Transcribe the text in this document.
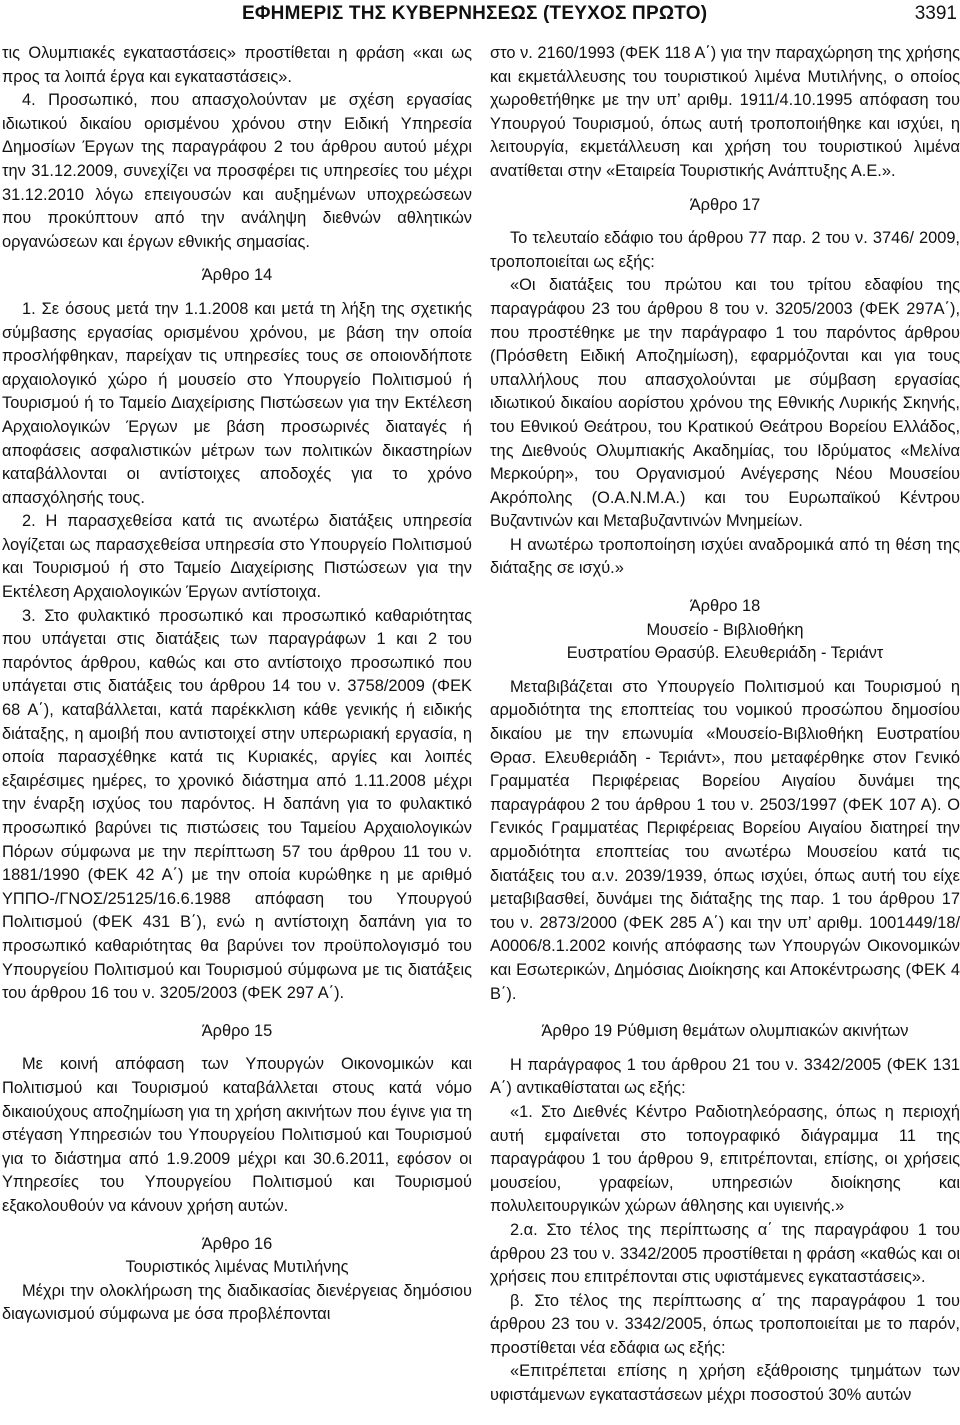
ΕΦΗΜΕΡΙΣ ΤΗΣ ΚΥΒΕΡΝΗΣΕΩΣ (ΤΕΥΧΟΣ ΠΡΩΤΟ)	3391

τις Ολυμπιακές εγκαταστάσεις» προστίθεται η φράση «και ως προς τα λοιπά έργα και εγκαταστάσεις».

4. Προσωπικό, που απασχολούνταν με σχέση εργασίας ιδιωτικού δικαίου ορισμένου χρόνου στην Ειδική Υπηρεσία Δημοσίων Έργων της παραγράφου 2 του άρθρου αυτού μέχρι την 31.12.2009, συνεχίζει να προσφέρει τις υπηρεσίες του μέχρι 31.12.2010 λόγω επειγουσών και αυξημένων υποχρεώσεων που προκύπτουν από την ανάληψη διεθνών αθλητικών οργανώσεων και έργων εθνικής σημασίας.

Άρθρο 14

1. Σε όσους μετά την 1.1.2008 και μετά τη λήξη της σχετικής σύμβασης εργασίας ορισμένου χρόνου, με βάση την οποία προσλήφθηκαν, παρείχαν τις υπηρεσίες τους σε οποιονδήποτε αρχαιολογικό χώρο ή μουσείο στο Υπουργείο Πολιτισμού ή Τουρισμού ή το Ταμείο Διαχείρισης Πιστώσεων για την Εκτέλεση Αρχαιολογικών Έργων με βάση προσωρινές διαταγές ή αποφάσεις ασφαλιστικών μέτρων των πολιτικών δικαστηρίων καταβάλλονται οι αντίστοιχες αποδοχές για το χρόνο απασχόλησής τους.

2. Η παρασχεθείσα κατά τις ανωτέρω διατάξεις υπηρεσία λογίζεται ως παρασχεθείσα υπηρεσία στο Υπουργείο Πολιτισμού και Τουρισμού ή στο Ταμείο Διαχείρισης Πιστώσεων για την Εκτέλεση Αρχαιολογικών Έργων αντίστοιχα.

3. Στο φυλακτικό προσωπικό και προσωπικό καθαριότητας που υπάγεται στις διατάξεις των παραγράφων 1 και 2 του παρόντος άρθρου, καθώς και στο αντίστοιχο προσωπικό που υπάγεται στις διατάξεις του άρθρου 14 του ν. 3758/2009 (ΦΕΚ 68 Α΄), καταβάλλεται, κατά παρέκκλιση κάθε γενικής ή ειδικής διάταξης, η αμοιβή που αντιστοιχεί στην υπερωριακή εργασία, η οποία παρασχέθηκε κατά τις Κυριακές, αργίες και λοιπές εξαιρέσιμες ημέρες, το χρονικό διάστημα από 1.11.2008 μέχρι την έναρξη ισχύος του παρόντος. Η δαπάνη για το φυλακτικό προσωπικό βαρύνει τις πιστώσεις του Ταμείου Αρχαιολογικών Πόρων σύμφωνα με την περίπτωση 57 του άρθρου 11 του ν. 1881/1990 (ΦΕΚ 42 Α΄) με την οποία κυρώθηκε η με αριθμό ΥΠΠΟ-/ΓΝΟΣ/25125/16.6.1988 απόφαση του Υπουργού Πολιτισμού (ΦΕΚ 431 Β΄), ενώ η αντίστοιχη δαπάνη για το προσωπικό καθαριότητας θα βαρύνει τον προϋπολογισμό του Υπουργείου Πολιτισμού και Τουρισμού σύμφωνα με τις διατάξεις του άρθρου 16 του ν. 3205/2003 (ΦΕΚ 297 Α΄).

Άρθρο 15

Με κοινή απόφαση των Υπουργών Οικονομικών και Πολιτισμού και Τουρισμού καταβάλλεται στους κατά νόμο δικαιούχους αποζημίωση για τη χρήση ακινήτων που έγινε για τη στέγαση Υπηρεσιών του Υπουργείου Πολιτισμού και Τουρισμού για το διάστημα από 1.9.2009 μέχρι και 30.6.2011, εφόσον οι Υπηρεσίες του Υπουργείου Πολιτισμού και Τουρισμού εξακολουθούν να κάνουν χρήση αυτών.

Άρθρο 16

Τουριστικός λιμένας Μυτιλήνης

Μέχρι την ολοκλήρωση της διαδικασίας διενέργειας δημόσιου διαγωνισμού σύμφωνα με όσα προβλέπονται

στο ν. 2160/1993 (ΦΕΚ 118 Α΄) για την παραχώρηση της χρήσης και εκμετάλλευσης του τουριστικού λιμένα Μυτιλήνης, ο οποίος χωροθετήθηκε με την υπ’ αριθμ. 1911/4.10.1995 απόφαση του Υπουργού Τουρισμού, όπως αυτή τροποποιήθηκε και ισχύει, η λειτουργία, εκμετάλλευση και χρήση του τουριστικού λιμένα ανατίθεται στην «Εταιρεία Τουριστικής Ανάπτυξης Α.Ε.».

Άρθρο 17

Το τελευταίο εδάφιο του άρθρου 77 παρ. 2 του ν. 3746/ 2009, τροποποιείται ως εξής:

«Οι διατάξεις του πρώτου και του τρίτου εδαφίου της παραγράφου 23 του άρθρου 8 του ν. 3205/2003 (ΦΕΚ 297Α΄), που προστέθηκε με την παράγραφο 1 του παρόντος άρθρου (Πρόσθετη Ειδική Αποζημίωση), εφαρμόζονται και για τους υπαλλήλους που απασχολούνται με σύμβαση εργασίας ιδιωτικού δικαίου αορίστου χρόνου της Εθνικής Λυρικής Σκηνής, του Εθνικού Θεάτρου, του Κρατικού Θεάτρου Βορείου Ελλάδος, της Διεθνούς Ολυμπιακής Ακαδημίας, του Ιδρύματος «Μελίνα Μερκούρη», του Οργανισμού Ανέγερσης Νέου Μουσείου Ακρόπολης (Ο.Α.Ν.Μ.Α.) και του Ευρωπαϊκού Κέντρου Βυζαντινών και Μεταβυζαντινών Μνημείων.

Η ανωτέρω τροποποίηση ισχύει αναδρομικά από τη θέση της διάταξης σε ισχύ.»

Άρθρο 18

Μουσείο - Βιβλιοθήκη

Ευστρατίου Θρασύβ. Ελευθεριάδη - Τεριάντ

Μεταβιβάζεται στο Υπουργείο Πολιτισμού και Τουρισμού η αρμοδιότητα της εποπτείας του νομικού προσώπου δημοσίου δικαίου με την επωνυμία «Μουσείο-Βιβλιοθήκη Ευστρατίου Θρασ. Ελευθεριάδη - Τεριάντ», που μεταφέρθηκε στον Γενικό Γραμματέα Περιφέρειας Βορείου Αιγαίου δυνάμει της παραγράφου 2 του άρθρου 1 του ν. 2503/1997 (ΦΕΚ 107 Α). Ο Γενικός Γραμματέας Περιφέρειας Βορείου Αιγαίου διατηρεί την αρμοδιότητα εποπτείας του ανωτέρω Μουσείου κατά τις διατάξεις του α.ν. 2039/1939, όπως ισχύει, όπως αυτή του είχε μεταβιβασθεί, δυνάμει της διάταξης της παρ. 1 του άρθρου 17 του ν. 2873/2000 (ΦΕΚ 285 Α΄) και την υπ’ αριθμ. 1001449/18/Α0006/8.1.2002 κοινής απόφασης των Υπουργών Οικονομικών και Εσωτερικών, Δημόσιας Διοίκησης και Αποκέντρωσης (ΦΕΚ 4 Β΄).

Άρθρο 19 Ρύθμιση θεμάτων ολυμπιακών ακινήτων

Η παράγραφος 1 του άρθρου 21 του ν. 3342/2005 (ΦΕΚ 131 Α΄) αντικαθίσταται ως εξής:

«1. Στο Διεθνές Κέντρο Ραδιοτηλεόρασης, όπως η περιοχή αυτή εμφαίνεται στο τοπογραφικό διάγραμμα 11 της παραγράφου 1 του άρθρου 9, επιτρέπονται, επίσης, οι χρήσεις μουσείου, γραφείων, υπηρεσιών διοίκησης και πολυλειτουργικών χώρων άθλησης και υγιεινής.»

2.α. Στο τέλος της περίπτωσης α΄ της παραγράφου 1 του άρθρου 23 του ν. 3342/2005 προστίθεται η φράση «καθώς και οι χρήσεις που επιτρέπονται στις υφιστάμενες εγκαταστάσεις».

β. Στο τέλος της περίπτωσης α΄ της παραγράφου 1 του άρθρου 23 του ν. 3342/2005, όπως τροποποιείται με το παρόν, προστίθεται νέα εδάφια ως εξής:

«Επιτρέπεται επίσης η χρήση εξάθροισης τμημάτων των υφιστάμενων εγκαταστάσεων μέχρι ποσοστού 30% αυτών
